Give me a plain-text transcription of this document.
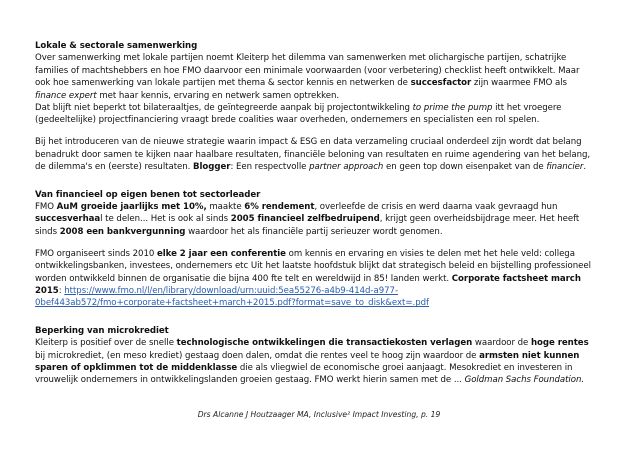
Lokale & sectorale samenwerking

Over samenwerking met lokale partijen noemt Kleiterp het dilemma van samenwerken met olichargische partijen, schatrijke families of machtshebbers en hoe FMO daarvoor een minimale voorwaarden (voor verbetering) checklist heeft ontwikkelt. Maar ook hoe samenwerking van lokale partijen met thema & sector kennis en netwerken de succesfactor zijn waarmee FMO als finance expert met haar kennis, ervaring en netwerk samen optrekken.
Dat blijft niet beperkt tot bilateraaltjes, de geïntegreerde aanpak bij projectontwikkeling to prime the pump itt het vroegere (gedeeltelijke) projectfinanciering vraagt brede coalities waar overheden, ondernemers en specialisten een rol spelen.

Bij het introduceren van de nieuwe strategie waarin impact & ESG en data verzameling cruciaal onderdeel zijn wordt dat belang benadrukt door samen te kijken naar haalbare resultaten, financiële beloning van resultaten en ruime agendering van het belang, de dilemma's en (eerste) resultaten. Blogger: Een respectvolle partner approach en geen top down eisenpaket van de financier.

Van financieel op eigen benen tot sectorleader

FMO AuM groeide jaarlijks met 10%, maakte 6% rendement, overleefde de crisis en werd daarna vaak gevraagd hun succesverhaal te delen... Het is ook al sinds 2005 financieel zelfbedruipend, krijgt geen overheidsbijdrage meer. Het heeft sinds 2008 een bankvergunning waardoor het als financiële partij serieuzer wordt genomen.

FMO organiseert sinds 2010 elke 2 jaar een conferentie om kennis en ervaring en visies te delen met het hele veld: collega ontwikkelingsbanken, investees, ondernemers etc Uit het laatste hoofdstuk blijkt dat strategisch beleid en bijstelling professioneel worden ontwikkeld binnen de organisatie die bijna 400 fte telt en wereldwijd in 85! landen werkt. Corporate factsheet march 2015: https://www.fmo.nl/l/en/library/download/urn:uuid:5ea55276-a4b9-414d-a977-0bef443ab572/fmo+corporate+factsheet+march+2015.pdf?format=save_to_disk&ext=.pdf

Beperking van microkrediet

Kleiterp is positief over de snelle technologische ontwikkelingen die transactiekosten verlagen waardoor de hoge rentes bij microkrediet, (en meso krediet) gestaag doen dalen, omdat die rentes veel te hoog zijn waardoor de armsten niet kunnen sparen of opklimmen tot de middenklasse die als vliegwiel de economische groei aanjaagt. Mesokrediet en investeren in vrouwelijk ondernemers in ontwikkelingslanden groeien gestaag. FMO werkt hierin samen met de ... Goldman Sachs Foundation.

Drs Alcanne J Houtzaager MA, Inclusive² Impact Investing, p. 19
